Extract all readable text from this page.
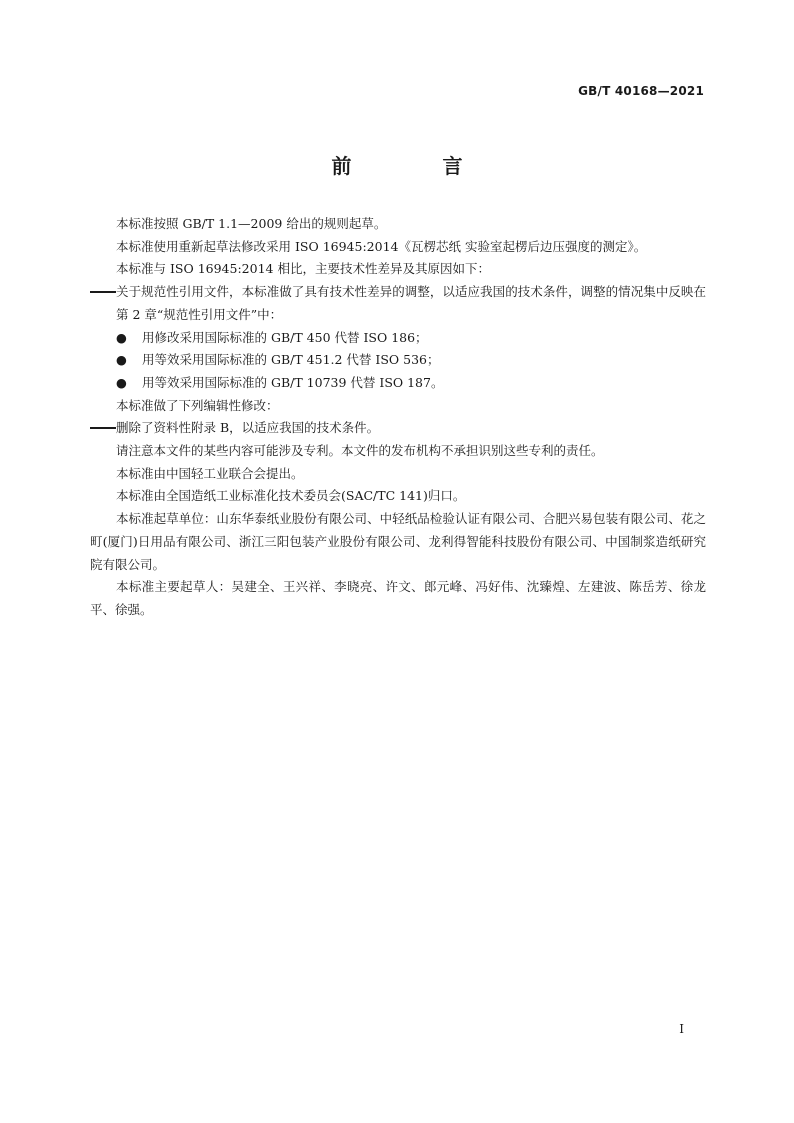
GB/T 40168—2021
前 言

本标准按照 GB/T 1.1—2009 给出的规则起草。

本标准使用重新起草法修改采用 ISO 16945:2014《瓦楞芯纸 实验室起楞后边压强度的测定》。

本标准与 ISO 16945:2014 相比，主要技术性差异及其原因如下：

关于规范性引用文件，本标准做了具有技术性差异的调整，以适应我国的技术条件，调整的情况集中反映在第 2 章“规范性引用文件”中：

● 用修改采用国际标准的 GB/T 450 代替 ISO 186；

● 用等效采用国际标准的 GB/T 451.2 代替 ISO 536；

● 用等效采用国际标准的 GB/T 10739 代替 ISO 187。

本标准做了下列编辑性修改：

删除了资料性附录 B，以适应我国的技术条件。

请注意本文件的某些内容可能涉及专利。本文件的发布机构不承担识别这些专利的责任。

本标准由中国轻工业联合会提出。

本标准由全国造纸工业标准化技术委员会(SAC/TC 141)归口。

本标准起草单位：山东华泰纸业股份有限公司、中轻纸品检验认证有限公司、合肥兴易包装有限公司、花之町(厦门)日用品有限公司、浙江三阳包装产业股份有限公司、龙利得智能科技股份有限公司、中国制浆造纸研究院有限公司。

本标准主要起草人：吴建全、王兴祥、李晓亮、许文、郎元峰、冯好伟、沈臻煌、左建波、陈岳芳、徐龙平、徐强。

I
